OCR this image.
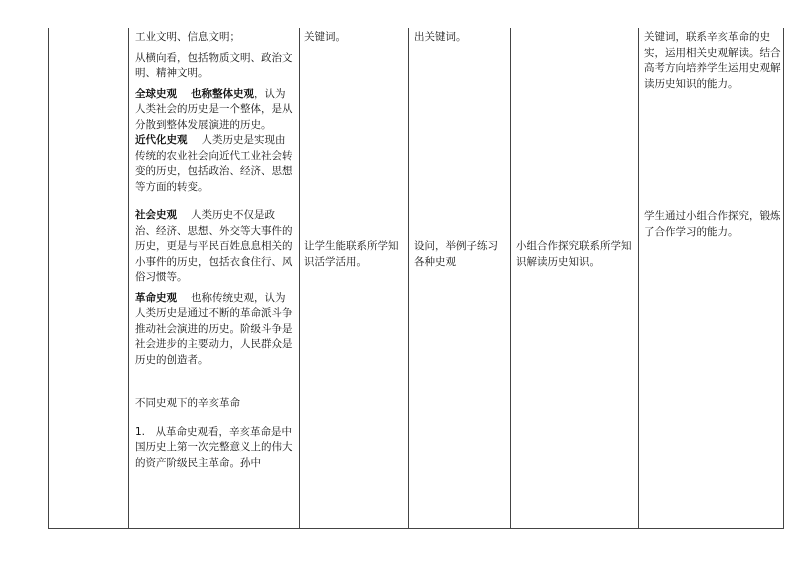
工业文明、信息文明；

从横向看，包括物质文明、政治文明、精神文明。

全球史观 也称整体史观，认为人类社会的历史是一个整体，是从分散到整体发展演进的历史。

近代化史观 人类历史是实现由传统的农业社会向近代工业社会转变的历史，包括政治、经济、思想等方面的转变。

社会史观 人类历史不仅是政治、经济、思想、外交等大事件的历史，更是与平民百姓息息相关的小事件的历史，包括衣食住行、风俗习惯等。

革命史观 也称传统史观，认为人类历史是通过不断的革命派斗争推动社会演进的历史。阶级斗争是社会进步的主要动力，人民群众是历史的创造者。

不同史观下的辛亥革命

1.　从革命史观看，辛亥革命是中国历史上第一次完整意义上的伟大的资产阶级民主革命。孙中

关键词。

让学生能联系所学知识活学活用。

出关键词。

设问，举例子练习各种史观

小组合作探究联系所学知识解读历史知识。

关键词，联系辛亥革命的史实，运用相关史观解读。结合高考方向培养学生运用史观解读历史知识的能力。

学生通过小组合作探究，锻炼了合作学习的能力。
